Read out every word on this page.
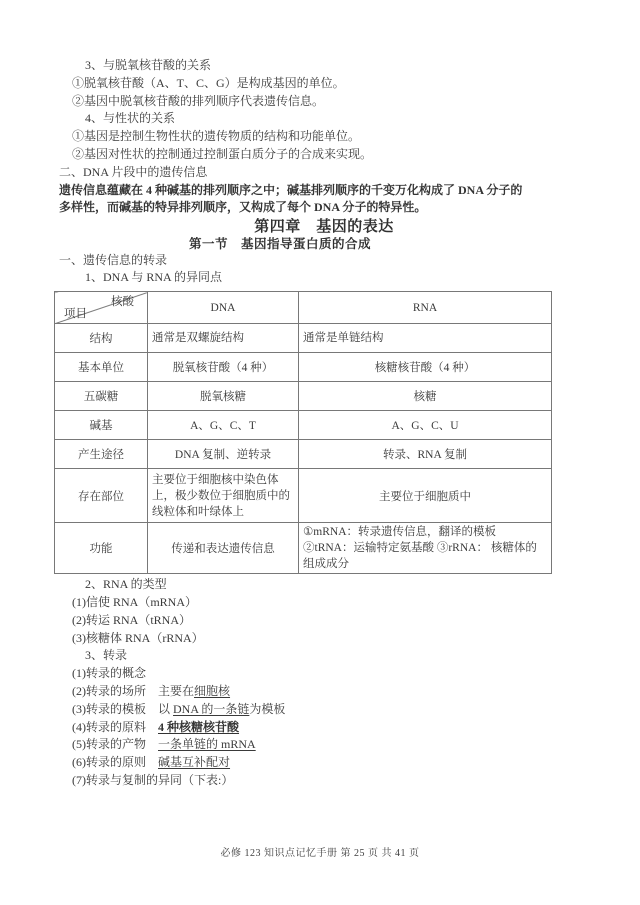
3、与脱氧核苷酸的关系
①脱氧核苷酸（A、T、C、G）是构成基因的单位。
②基因中脱氧核苷酸的排列顺序代表遗传信息。
4、与性状的关系
①基因是控制生物性状的遗传物质的结构和功能单位。
②基因对性状的控制通过控制蛋白质分子的合成来实现。
二、DNA 片段中的遗传信息
遗传信息蕴藏在 4 种碱基的排列顺序之中；碱基排列顺序的千变万化构成了 DNA 分子的
多样性，而碱基的特异排列顺序，又构成了每个 DNA 分子的特异性。
第四章　基因的表达
第一节　基因指导蛋白质的合成
一、遗传信息的转录
1、DNA 与 RNA 的异同点
核酸
项目	DNA	RNA
结构	通常是双螺旋结构	通常是单链结构
基本单位	脱氧核苷酸（4 种）	核糖核苷酸（4 种）
五碳糖	脱氧核糖	核糖
碱基	A、G、C、T	A、G、C、U
产生途径	DNA 复制、逆转录	转录、RNA 复制
存在部位	主要位于细胞核中染色体上，极少数位于细胞质中的线粒体和叶绿体上	主要位于细胞质中
功能	传递和表达遗传信息	①mRNA：转录遗传信息，翻译的模板 ②tRNA：运输特定氨基酸 ③rRNA： 核糖体的组成成分
2、RNA 的类型
(1)信使 RNA（mRNA）
(2)转运 RNA（tRNA）
(3)核糖体 RNA（rRNA）
3、转录
(1)转录的概念
(2)转录的场所　主要在细胞核
(3)转录的模板　以 DNA 的一条链为模板
(4)转录的原料　 4 种核糖核苷酸
(5)转录的产物　 一条单链的 mRNA
(6)转录的原则　 碱基互补配对
(7)转录与复制的异同（下表:）
必修 123 知识点记忆手册 第 25 页 共 41 页
